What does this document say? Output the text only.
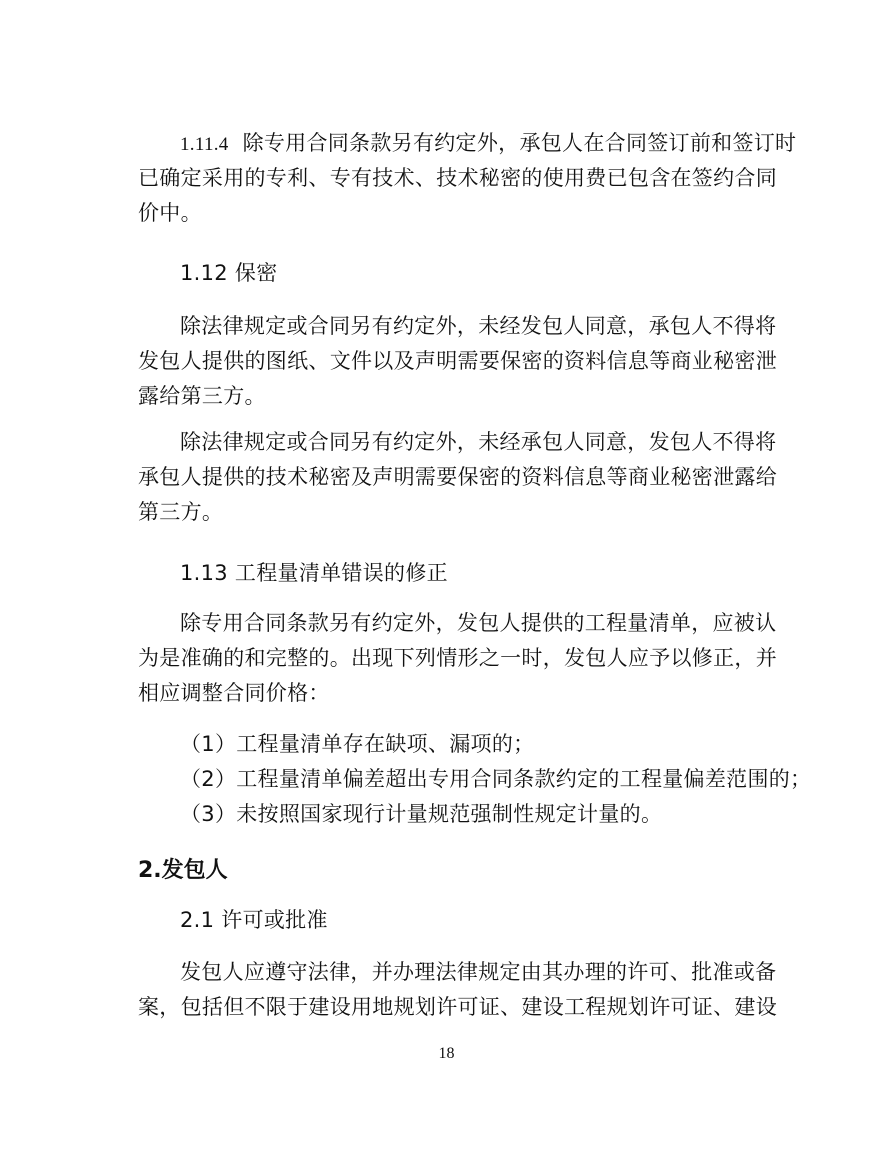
1.11.4 除专用合同条款另有约定外，承包人在合同签订前和签订时
已确定采用的专利、专有技术、技术秘密的使用费已包含在签约合同
价中。
1.12 保密
除法律规定或合同另有约定外，未经发包人同意，承包人不得将
发包人提供的图纸、文件以及声明需要保密的资料信息等商业秘密泄
露给第三方。
除法律规定或合同另有约定外，未经承包人同意，发包人不得将
承包人提供的技术秘密及声明需要保密的资料信息等商业秘密泄露给
第三方。
1.13 工程量清单错误的修正
除专用合同条款另有约定外，发包人提供的工程量清单，应被认
为是准确的和完整的。出现下列情形之一时，发包人应予以修正，并
相应调整合同价格：
（1）工程量清单存在缺项、漏项的；
（2）工程量清单偏差超出专用合同条款约定的工程量偏差范围的；
（3）未按照国家现行计量规范强制性规定计量的。
2.发包人
2.1 许可或批准
发包人应遵守法律，并办理法律规定由其办理的许可、批准或备
案，包括但不限于建设用地规划许可证、建设工程规划许可证、建设
18
